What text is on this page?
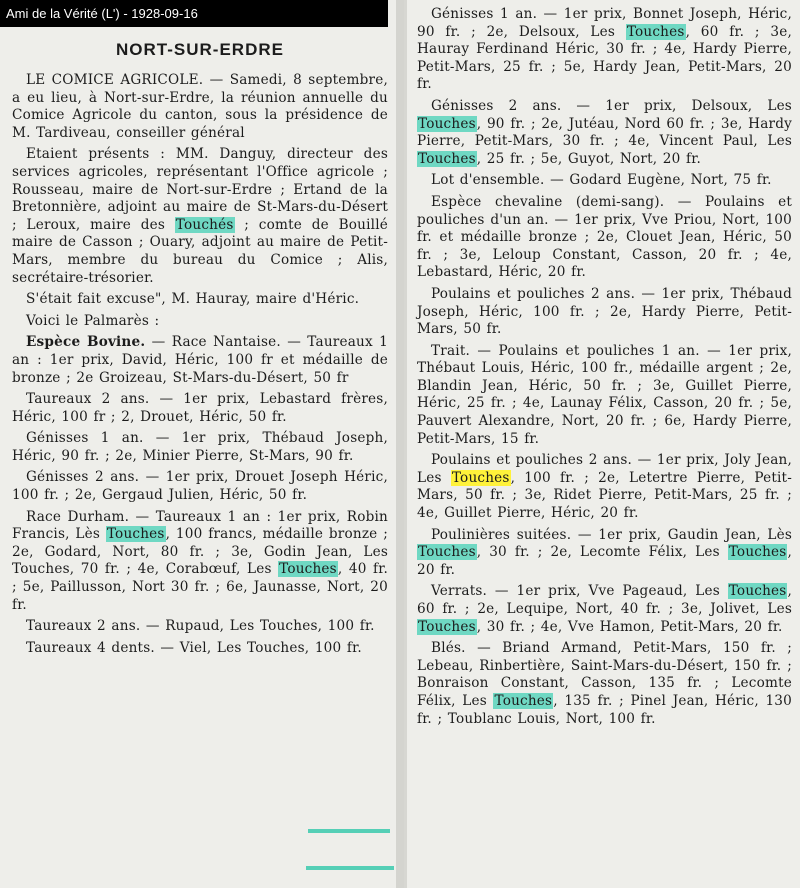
NORT-SUR-ERDRE

LE COMICE AGRICOLE. — Samedi, 8 septembre, a eu lieu, à Nort-sur-Erdre, la réunion annuelle du Comice Agricole du canton, sous la présidence de M. Tardiveau, conseiller général

Etaient présents : MM. Danguy, directeur des services agricoles, représentant l'Office agricole ; Rousseau, maire de Nort-sur-Erdre ; Ertand de la Bretonnière, adjoint au maire de St-Mars-du-Désert ; Leroux, maire des Touchés ; comte de Bouillé maire de Casson ; Ouary, adjoint au maire de Petit-Mars, membre du bureau du Comice ; Alis, secrétaire-trésorier.

S'était fait excuse", M. Hauray, maire d'Héric.

Voici le Palmarès :

Espèce Bovine. — Race Nantaise. — Taureaux 1 an : 1er prix, David, Héric, 100 fr et médaille de bronze ; 2e Groizeau, St-Mars-du-Désert, 50 fr

Taureaux 2 ans. — 1er prix, Lebastard frères, Héric, 100 fr ; 2, Drouet, Héric, 50 fr.

Génisses 1 an. — 1er prix, Thébaud Joseph, Héric, 90 fr. ; 2e, Minier Pierre, St-Mars, 90 fr.

Génisses 2 ans. — 1er prix, Drouet Joseph Héric, 100 fr. ; 2e, Gergaud Julien, Héric, 50 fr.

Race Durham. — Taureaux 1 an : 1er prix, Robin Francis, Lès Touches, 100 francs, médaille bronze ; 2e, Godard, Nort, 80 fr. ; 3e, Godin Jean, Les Touches, 70 fr. ; 4e, Corabœuf, Les Touches, 40 fr. ; 5e, Paillusson, Nort 30 fr. ; 6e, Jaunasse, Nort, 20 fr.

Taureaux 2 ans. — Rupaud, Les Touches, 100 fr.

Taureaux 4 dents. — Viel, Les Touches, 100 fr.

Génisses 1 an. — 1er prix, Bonnet Joseph, Héric, 90 fr. ; 2e, Delsoux, Les Touches, 60 fr. ; 3e, Hauray Ferdinand Héric, 30 fr. ; 4e, Hardy Pierre, Petit-Mars, 25 fr. ; 5e, Hardy Jean, Petit-Mars, 20 fr.

Génisses 2 ans. — 1er prix, Delsoux, Les Touches, 90 fr. ; 2e, Jutéau, Nord 60 fr. ; 3e, Hardy Pierre, Petit-Mars, 30 fr. ; 4e, Vincent Paul, Les Touches, 25 fr. ; 5e, Guyot, Nort, 20 fr.

Lot d'ensemble. — Godard Eugène, Nort, 75 fr.

Espèce chevaline (demi-sang). — Poulains et pouliches d'un an. — 1er prix, Vve Priou, Nort, 100 fr. et médaille bronze ; 2e, Clouet Jean, Héric, 50 fr. ; 3e, Leloup Constant, Casson, 20 fr. ; 4e, Lebastard, Héric, 20 fr.

Poulains et pouliches 2 ans. — 1er prix, Thébaud Joseph, Héric, 100 fr. ; 2e, Hardy Pierre, Petit-Mars, 50 fr.

Trait. — Poulains et pouliches 1 an. — 1er prix, Thébaut Louis, Héric, 100 fr., médaille argent ; 2e, Blandin Jean, Héric, 50 fr. ; 3e, Guillet Pierre, Héric, 25 fr. ; 4e, Launay Félix, Casson, 20 fr. ; 5e, Pauvert Alexandre, Nort, 20 fr. ; 6e, Hardy Pierre, Petit-Mars, 15 fr.

Poulains et pouliches 2 ans. — 1er prix, Joly Jean, Les Touches, 100 fr. ; 2e, Letertre Pierre, Petit-Mars, 50 fr. ; 3e, Ridet Pierre, Petit-Mars, 25 fr. ; 4e, Guillet Pierre, Héric, 20 fr.

Poulinières suitées. — 1er prix, Gaudin Jean, Lès Touches, 30 fr. ; 2e, Lecomte Félix, Les Touches, 20 fr.

Verrats. — 1er prix, Vve Pageaud, Les Touches, 60 fr. ; 2e, Lequipe, Nort, 40 fr. ; 3e, Jolivet, Les Touches, 30 fr. ; 4e, Vve Hamon, Petit-Mars, 20 fr.

Blés. — Briand Armand, Petit-Mars, 150 fr. ; Lebeau, Rinbertière, Saint-Mars-du-Désert, 150 fr. ; Bonraison Constant, Casson, 135 fr. ; Lecomte Félix, Les Touches, 135 fr. ; Pinel Jean, Héric, 130 fr. ; Toublanc Louis, Nort, 100 fr.

Ami de la Vérité (L') - 1928-09-16
